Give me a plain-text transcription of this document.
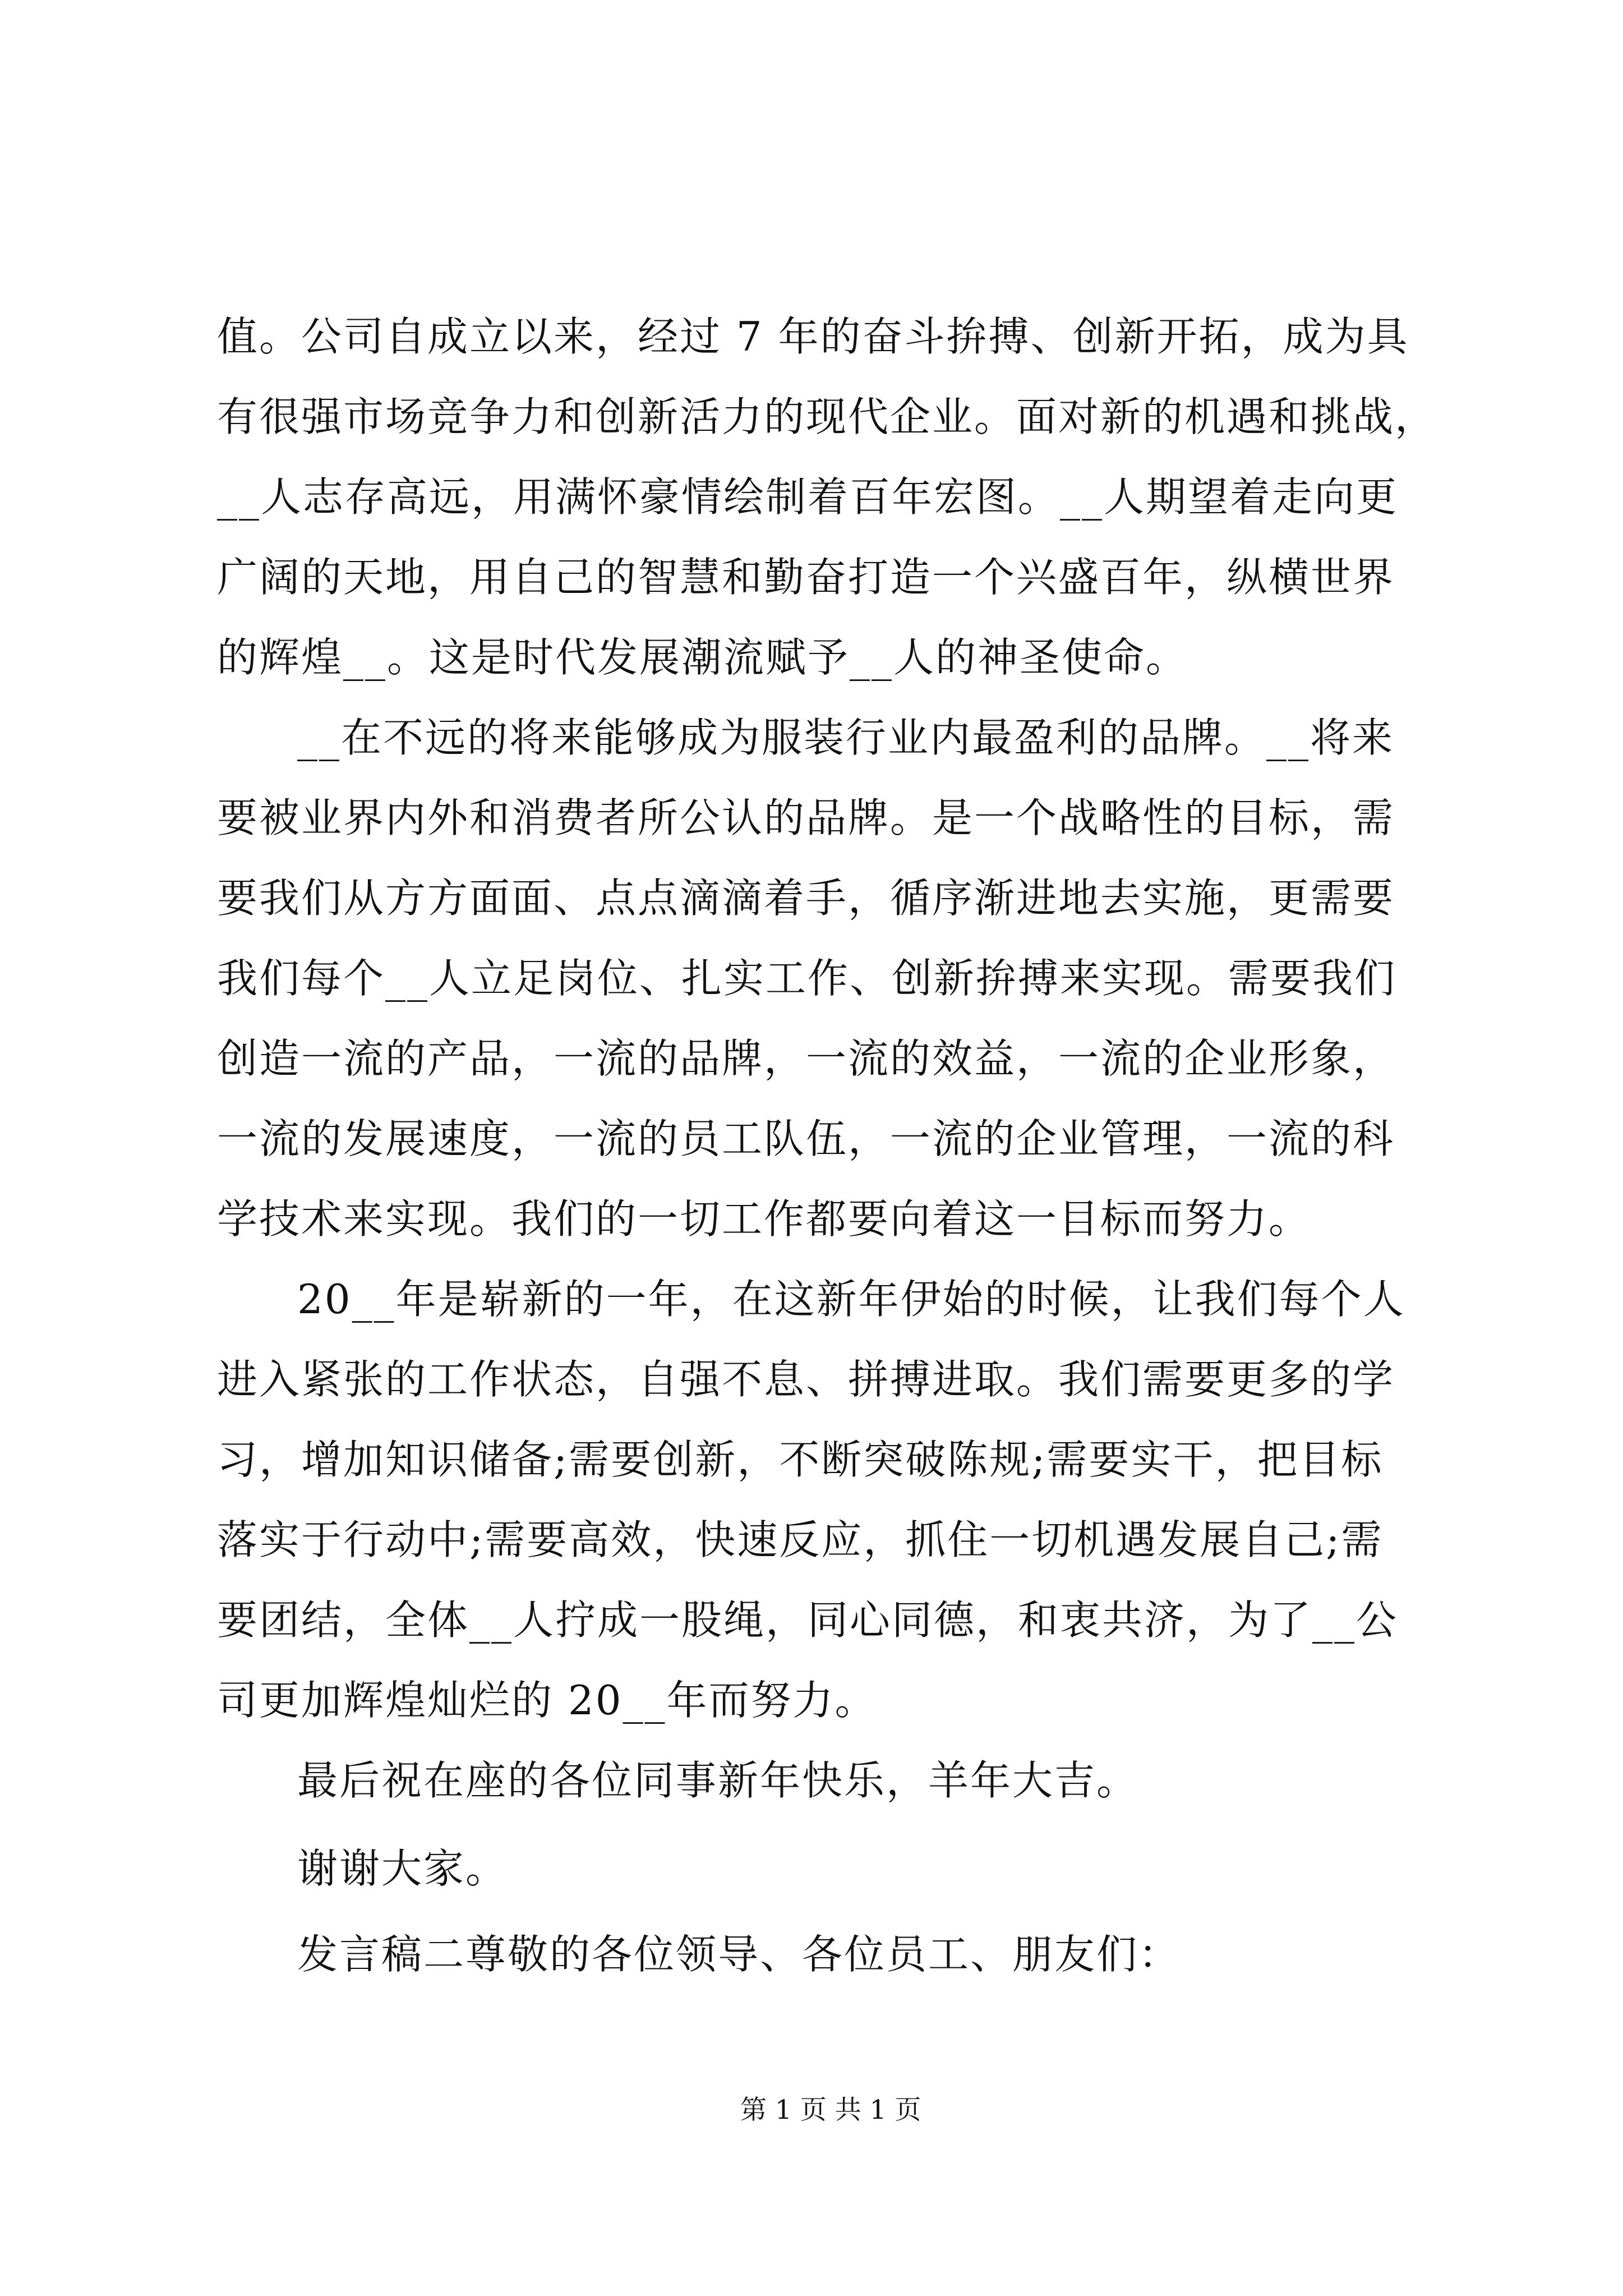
值。公司自成立以来，经过 7 年的奋斗拚搏、创新开拓，成为具
有很强市场竞争力和创新活力的现代企业。面对新的机遇和挑战，
__人志存高远，用满怀豪情绘制着百年宏图。__人期望着走向更
广阔的天地，用自己的智慧和勤奋打造一个兴盛百年，纵横世界
的辉煌__。这是时代发展潮流赋予__人的神圣使命。
__在不远的将来能够成为服装行业内最盈利的品牌。__将来
要被业界内外和消费者所公认的品牌。是一个战略性的目标，需
要我们从方方面面、点点滴滴着手，循序渐进地去实施，更需要
我们每个__人立足岗位、扎实工作、创新拚搏来实现。需要我们
创造一流的产品，一流的品牌，一流的效益，一流的企业形象，
一流的发展速度，一流的员工队伍，一流的企业管理，一流的科
学技术来实现。我们的一切工作都要向着这一目标而努力。
20__年是崭新的一年，在这新年伊始的时候，让我们每个人
进入紧张的工作状态，自强不息、拼搏进取。我们需要更多的学
习，增加知识储备;需要创新，不断突破陈规;需要实干，把目标
落实于行动中;需要高效，快速反应，抓住一切机遇发展自己;需
要团结，全体__人拧成一股绳，同心同德，和衷共济，为了__公
司更加辉煌灿烂的 20__年而努力。
最后祝在座的各位同事新年快乐，羊年大吉。
谢谢大家。
发言稿二尊敬的各位领导、各位员工、朋友们：
第 1 页 共 1 页
